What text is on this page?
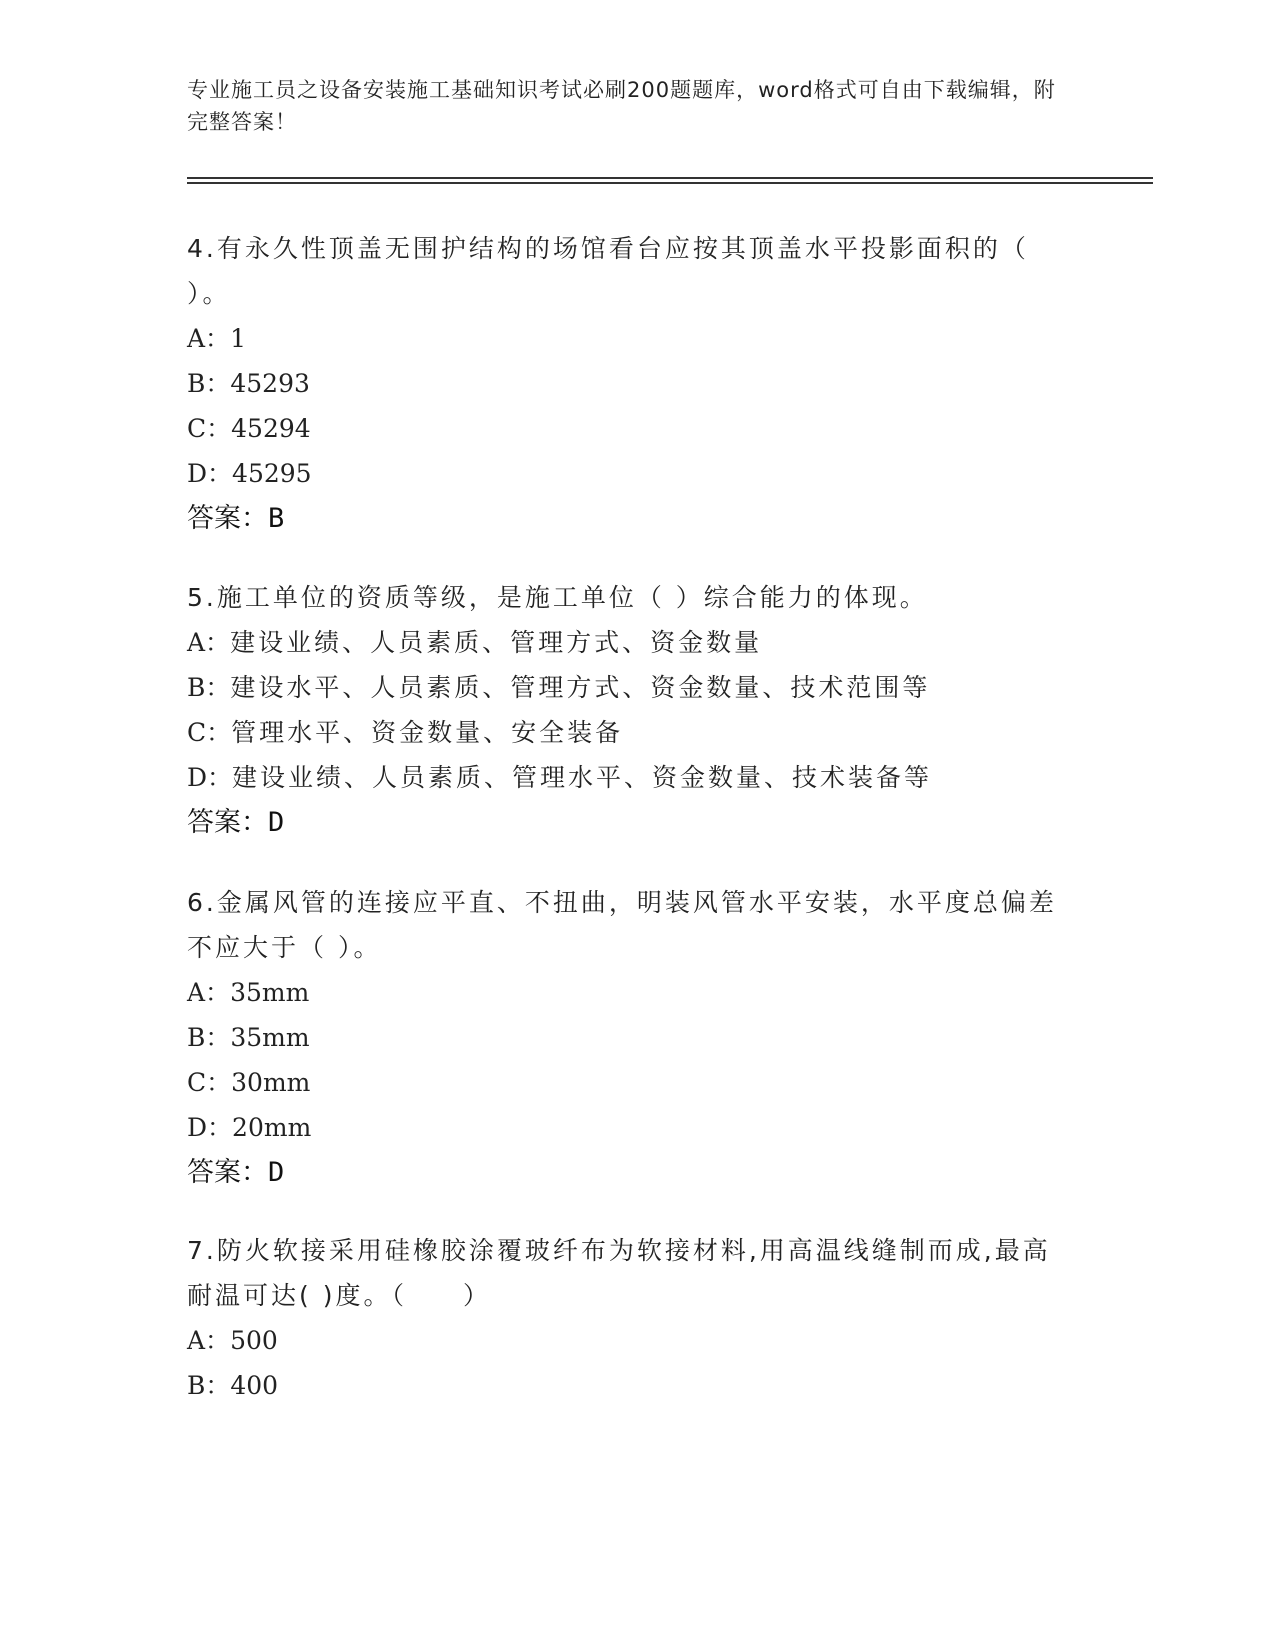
专业施工员之设备安装施工基础知识考试必刷200题题库，word格式可自由下载编辑，附完整答案！
4.有永久性顶盖无围护结构的场馆看台应按其顶盖水平投影面积的（ ）。
A：1
B：45293
C：45294
D：45295
答案：B
5.施工单位的资质等级，是施工单位（ ）综合能力的体现。
A：建设业绩、人员素质、管理方式、资金数量
B：建设水平、人员素质、管理方式、资金数量、技术范围等
C：管理水平、资金数量、安全装备
D：建设业绩、人员素质、管理水平、资金数量、技术装备等
答案：D
6.金属风管的连接应平直、不扭曲，明装风管水平安装，水平度总偏差不应大于（ ）。
A：35mm
B：35mm
C：30mm
D：20mm
答案：D
7.防火软接采用硅橡胶涂覆玻纤布为软接材料,用高温线缝制而成,最高耐温可达( )度。（　　）
A：500
B：400
